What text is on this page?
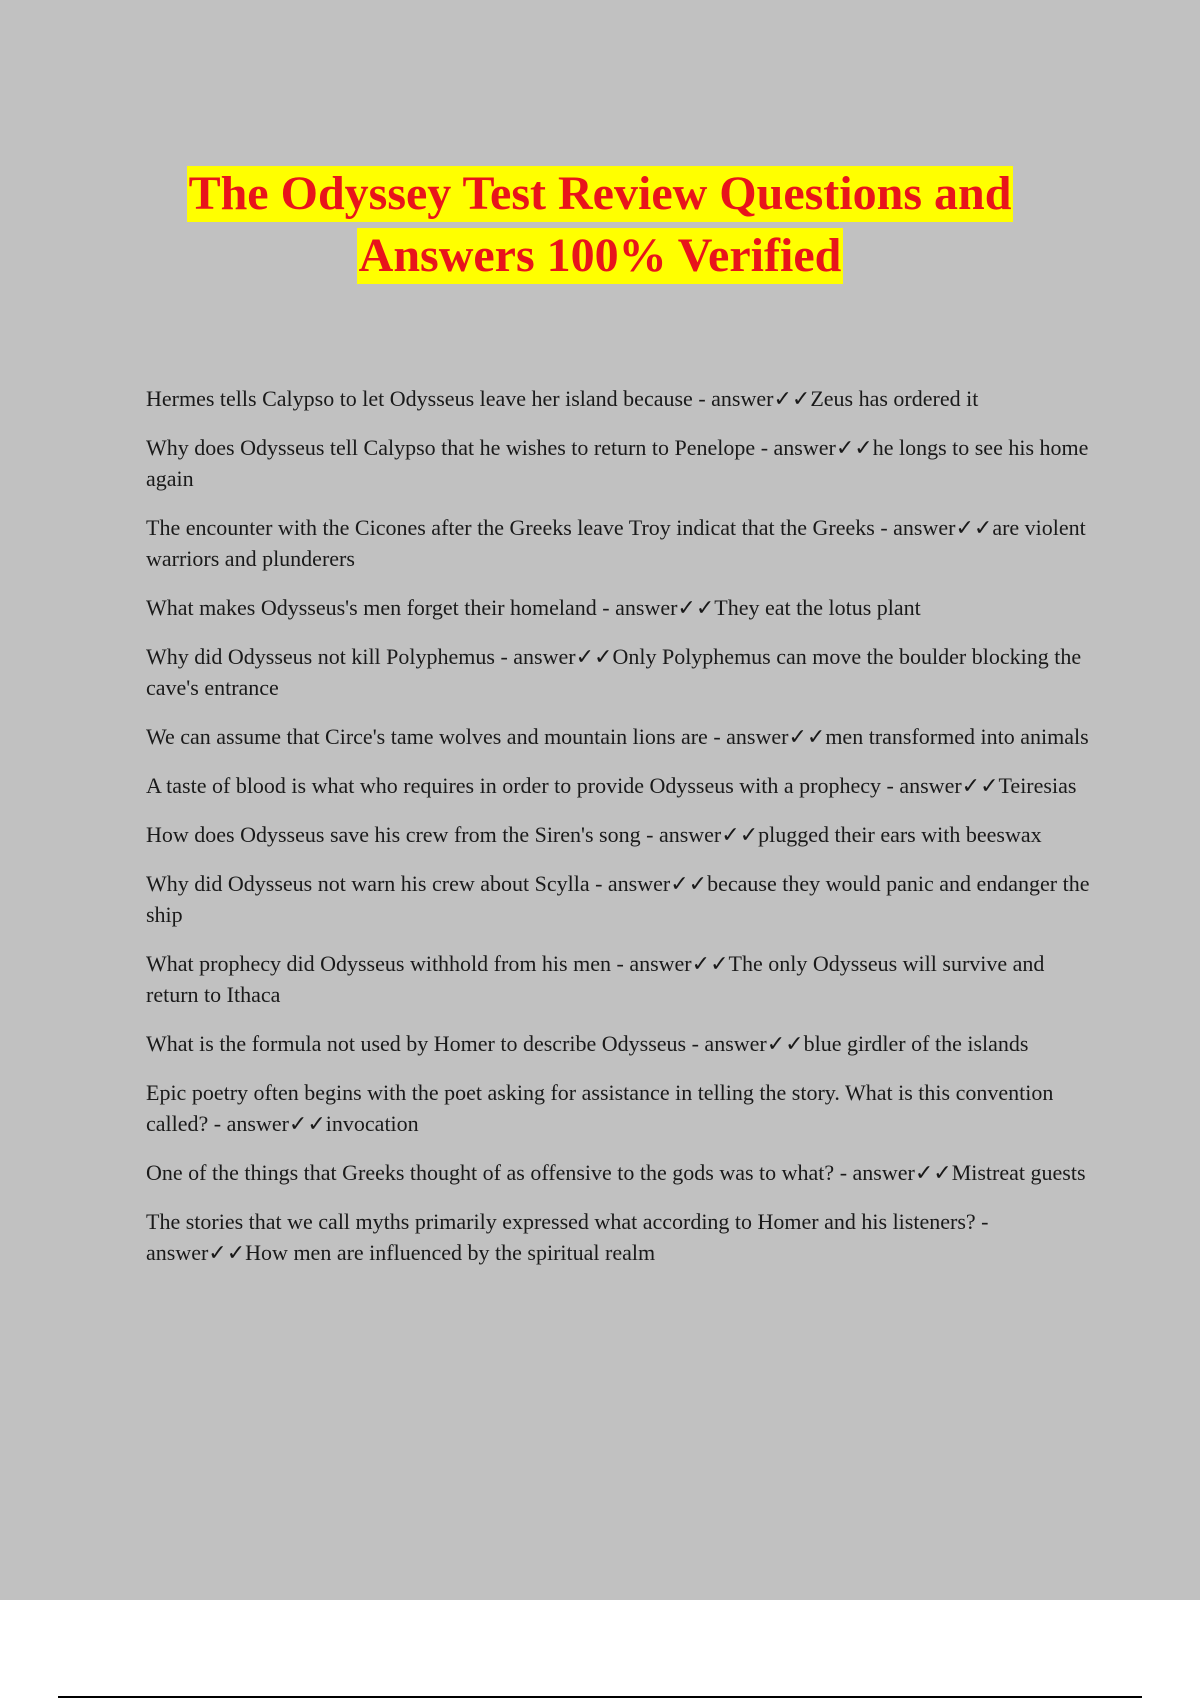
The Odyssey Test Review Questions and
Answers 100% Verified

Hermes tells Calypso to let Odysseus leave her island because - answer✓✓Zeus has ordered it

Why does Odysseus tell Calypso that he wishes to return to Penelope - answer✓✓he longs to see his home again

The encounter with the Cicones after the Greeks leave Troy indicat that the Greeks - answer✓✓are violent warriors and plunderers

What makes Odysseus's men forget their homeland - answer✓✓They eat the lotus plant

Why did Odysseus not kill Polyphemus - answer✓✓Only Polyphemus can move the boulder blocking the cave's entrance

We can assume that Circe's tame wolves and mountain lions are - answer✓✓men transformed into animals

A taste of blood is what who requires in order to provide Odysseus with a prophecy - answer✓✓Teiresias

How does Odysseus save his crew from the Siren's song - answer✓✓plugged their ears with beeswax

Why did Odysseus not warn his crew about Scylla - answer✓✓because they would panic and endanger the ship

What prophecy did Odysseus withhold from his men - answer✓✓The only Odysseus will survive and return to Ithaca

What is the formula not used by Homer to describe Odysseus - answer✓✓blue girdler of the islands

Epic poetry often begins with the poet asking for assistance in telling the story. What is this convention called? - answer✓✓invocation

One of the things that Greeks thought of as offensive to the gods was to what? - answer✓✓Mistreat guests

The stories that we call myths primarily expressed what according to Homer and his listeners? - answer✓✓How men are influenced by the spiritual realm
